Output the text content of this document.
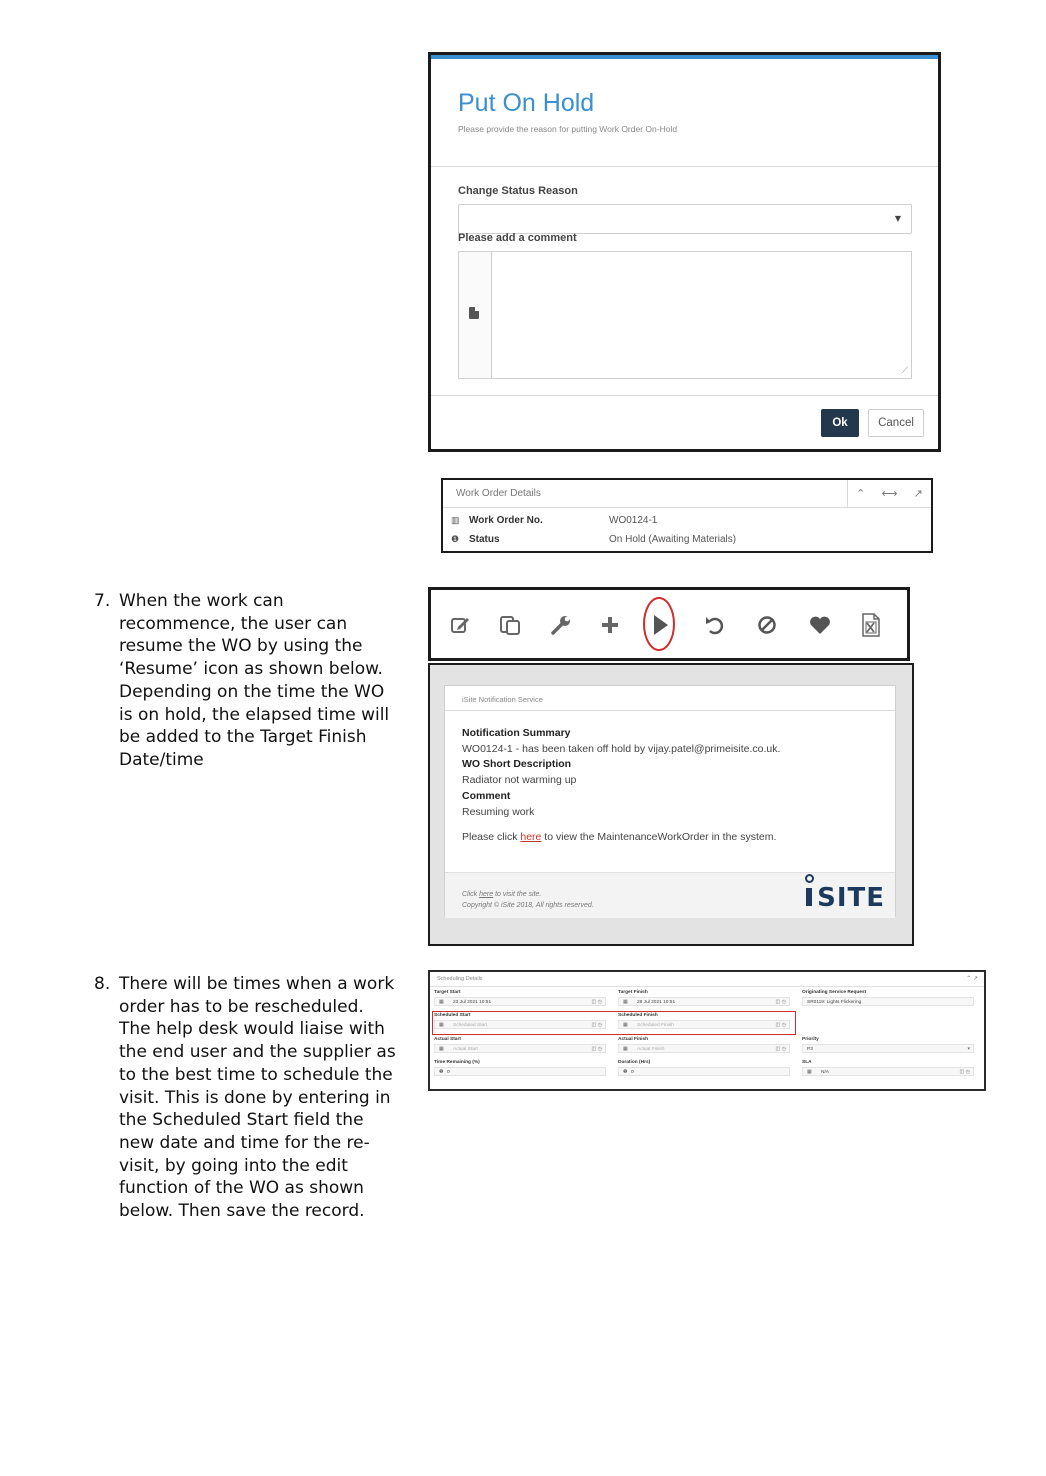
Put On Hold
Please provide the reason for putting Work Order On-Hold
Change Status Reason
▼
Please add a comment
⟋
Ok	Cancel
Work Order Details	⌃ ⟷ ↗
▥ Work Order No.	WO0124-1
❶ Status	On Hold (Awaiting Materials)
7. When the work can
recommence, the user can
resume the WO by using the
‘Resume’ icon as shown below.
Depending on the time the WO
is on hold, the elapsed time will
be added to the Target Finish
Date/time
iSite Notification Service
Notification Summary
WO0124-1 - has been taken off hold by vijay.patel@primeisite.co.uk.
WO Short Description
Radiator not warming up
Comment
Resuming work
Please click here to view the MaintenanceWorkOrder in the system.
Click here to visit the site.
Copyright © iSite 2018, All rights reserved.	SITE
8. There will be times when a work
order has to be rescheduled.
The help desk would liaise with
the end user and the supplier as
to the best time to schedule the
visit. This is done by entering in
the Scheduled Start field the
new date and time for the re-
visit, by going into the edit
function of the WO as shown
below. Then save the record.
Scheduling Details	⌃ ↗
Target Start
▦ 23 Jul 2021 10:51	◫ ◷
Target Finish
▦ 28 Jul 2021 10:51	◫ ◷
Originating Service Request
SR0119: Lights Flickering
Scheduled Start
▦ Scheduled Start	◫ ◷
Scheduled Finish
▦ Scheduled Finish	◫ ◷
Actual Start
▦ Actual Start	◫ ◷
Actual Finish
▦ Actual Finish	◫ ◷
Priority
P3	▾
Time Remaining (%)
❶ 0
Duration (Hrs)
❶ 0
SLA
▦ N/A	◫ ◷
